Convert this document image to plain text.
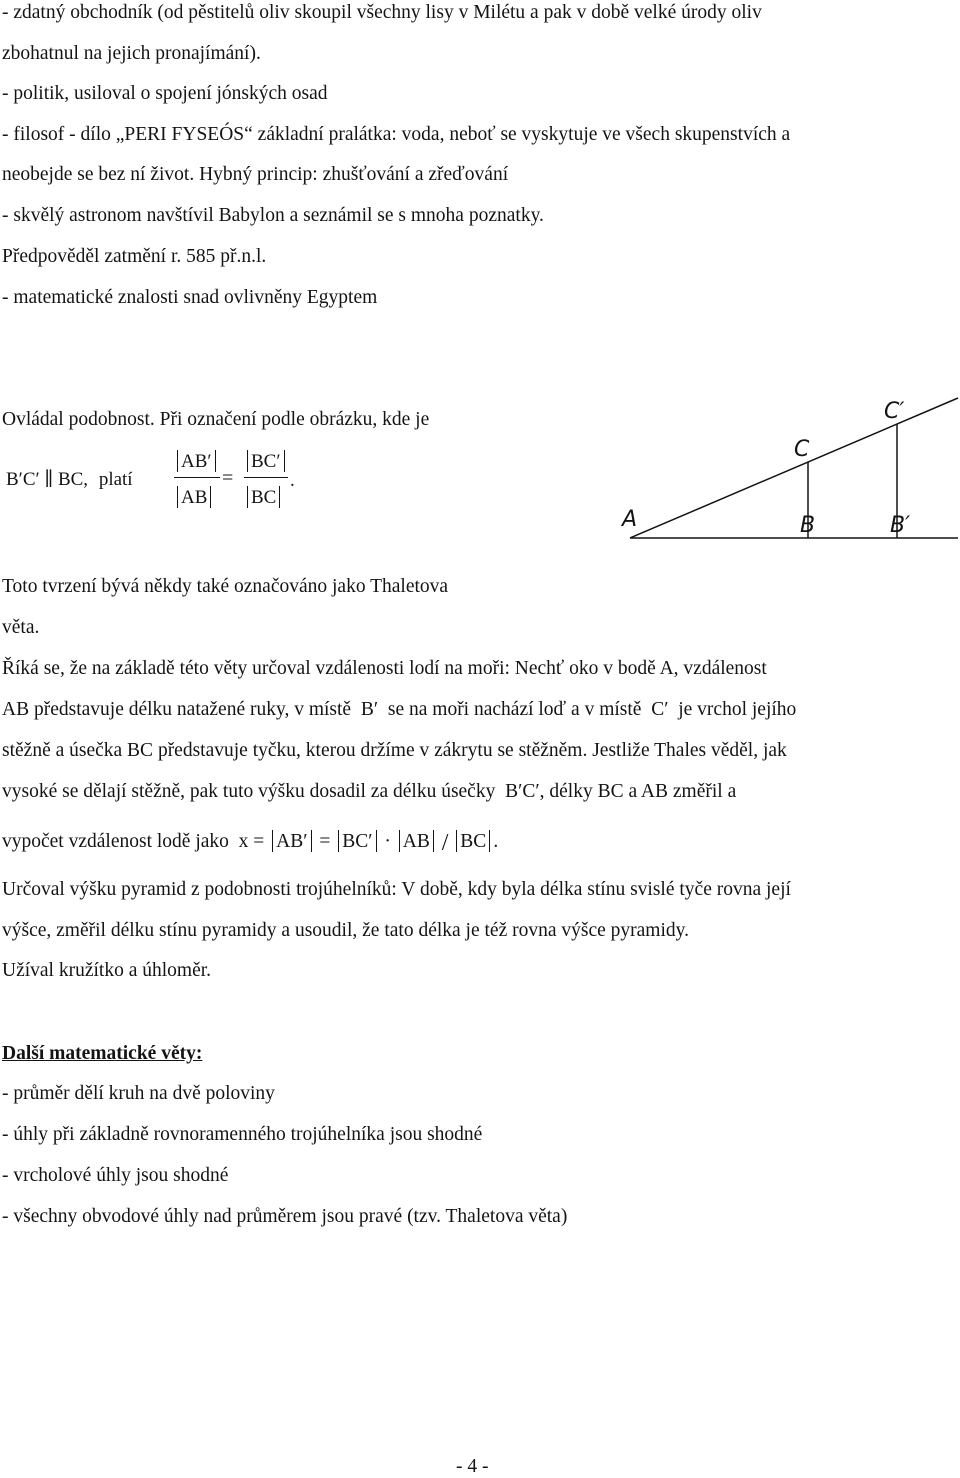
- zdatný obchodník (od pěstitelů oliv skoupil všechny lisy v Milétu a pak v době velké úrody oliv
zbohatnul na jejich pronajímání).
- politik, usiloval o spojení jónských osad
- filosof - dílo „PERI FYSEÓS“ základní pralátka: voda, neboť se vyskytuje ve všech skupenstvích a
neobejde se bez ní život. Hybný princip: zhušťování a zřeďování
- skvělý astronom navštívil Babylon a seznámil se s mnoha poznatky.
Předpověděl zatmění r. 585 př.n.l.
- matematické znalosti snad ovlivněny Egyptem
Ovládal podobnost. Při označení podle obrázku, kde je
B′C′ ∥ BC, platí
AB′
AB
=
BC′
BC
.
A	B	B′
C
C′
Toto tvrzení bývá někdy také označováno jako Thaletova
věta.
Říká se, že na základě této věty určoval vzdálenosti lodí na moři: Nechť oko v bodě A, vzdálenost
AB představuje délku natažené ruky, v místě B′ se na moři nachází loď a v místě C′ je vrchol jejího
stěžně a úsečka BC představuje tyčku, kterou držíme v zákrytu se stěžněm. Jestliže Thales věděl, jak
vysoké se dělají stěžně, pak tuto výšku dosadil za délku úsečky B′C′, délky BC a AB změřil a
vypočet vzdálenost lodě jako x = AB′ = BC′ · AB / BC .
Určoval výšku pyramid z podobnosti trojúhelníků: V době, kdy byla délka stínu svislé tyče rovna její
výšce, změřil délku stínu pyramidy a usoudil, že tato délka je též rovna výšce pyramidy.
Užíval kružítko a úhloměr.
Další matematické věty:
- průměr dělí kruh na dvě poloviny
- úhly při základně rovnoramenného trojúhelníka jsou shodné
- vrcholové úhly jsou shodné
- všechny obvodové úhly nad průměrem jsou pravé (tzv. Thaletova věta)
- 4 -
